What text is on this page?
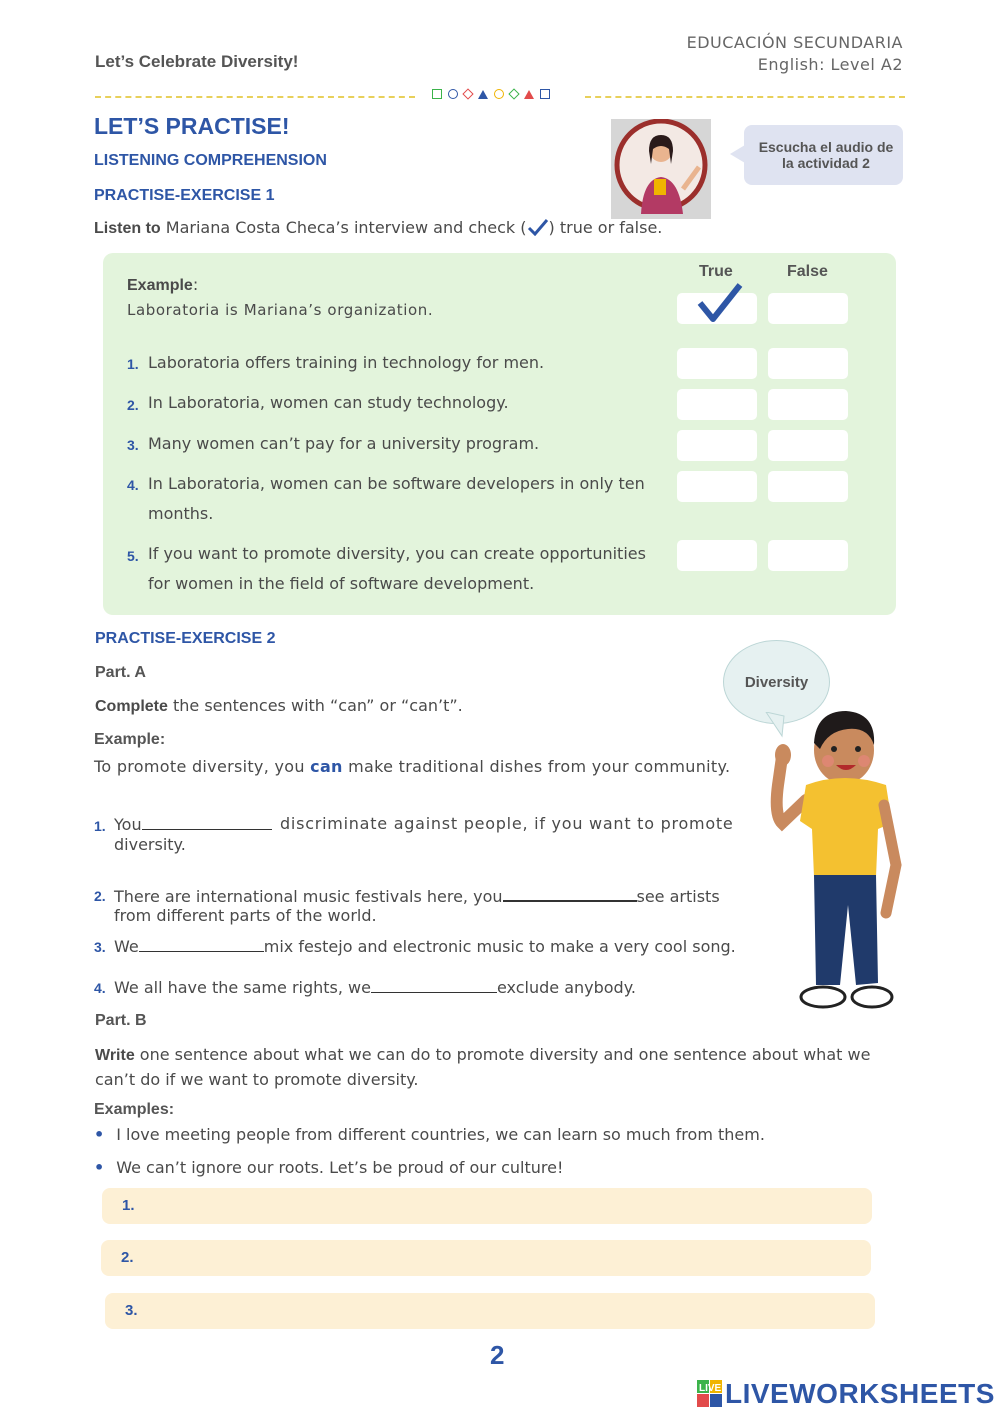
Let’s Celebrate Diversity!
EDUCACIÓN SECUNDARIA
English: Level A2
LET’S PRACTISE!
LISTENING COMPREHENSION
PRACTISE-EXERCISE 1
Escucha el audio de la actividad 2
Listen to Mariana Costa Checa’s interview and check ( ) true or false.
True	False
Example:
Laboratoria is Mariana’s organization.
1. Laboratoria offers training in technology for men.
2. In Laboratoria, women can study technology.
3. Many women can’t pay for a university program.
4. In Laboratoria, women can be software developers in only ten
months.
5. If you want to promote diversity, you can create opportunities
for women in the field of software development.
PRACTISE-EXERCISE 2
Part. A
Complete the sentences with “can” or “can’t”.
Example:
To promote diversity, you can make traditional dishes from your community.
1. You	discriminate against people, if you want to promote
diversity.
2. There are international music festivals here, you	see artists
from different parts of the world.
3. We	mix festejo and electronic music to make a very cool song.
4. We all have the same rights, we	exclude anybody.
Diversity
Part. B
Write one sentence about what we can do to promote diversity and one sentence about what we
can’t do if we want to promote diversity.
Examples:
• I love meeting people from different countries, we can learn so much from them.
• We can’t ignore our roots. Let’s be proud of our culture!
1.
2.
3.
2
LIVE LIVEWORKSHEETS
